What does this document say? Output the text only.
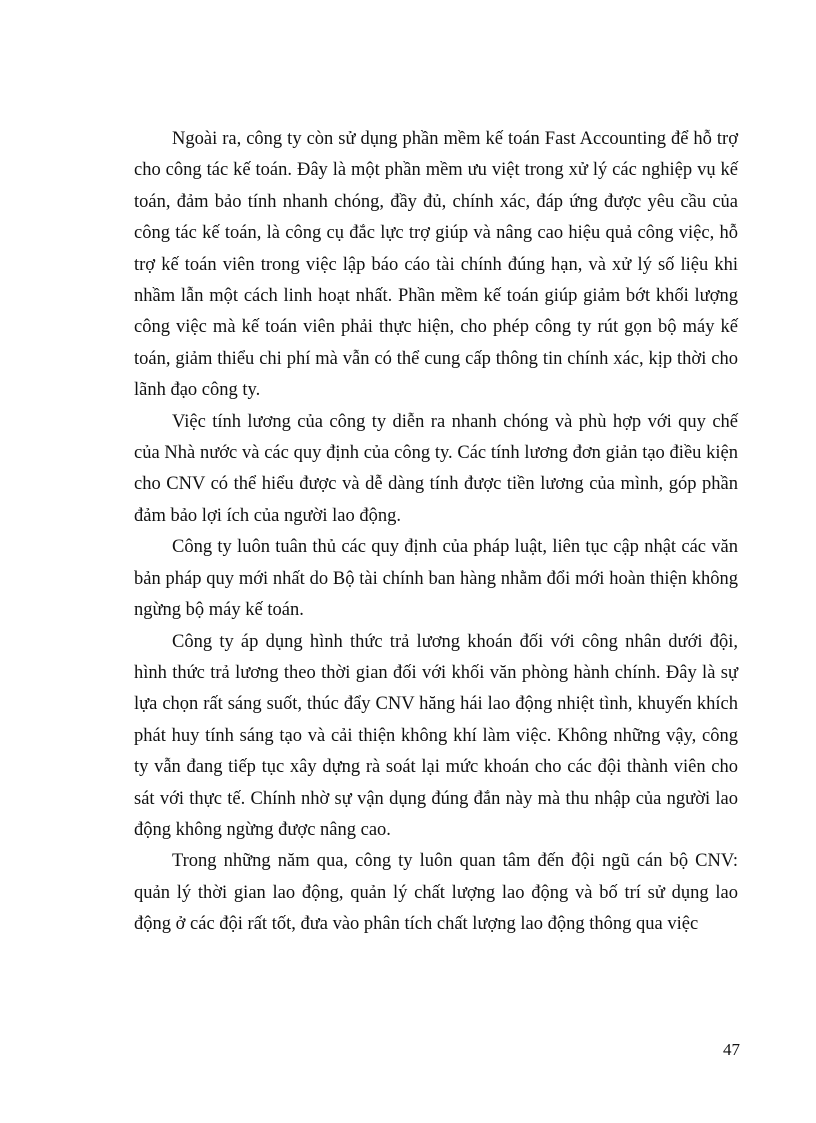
Ngoài ra, công ty còn sử dụng phần mềm kế toán Fast Accounting để hỗ trợ cho công tác kế toán. Đây là một phần mềm ưu việt trong xử lý các nghiệp vụ kế toán, đảm bảo tính nhanh chóng, đầy đủ, chính xác, đáp ứng được yêu cầu của công tác kế toán, là công cụ đắc lực trợ giúp và nâng cao hiệu quả công việc, hỗ trợ kế toán viên trong việc lập báo cáo tài chính đúng hạn, và xử lý số liệu khi nhầm lẫn một cách linh hoạt nhất. Phần mềm kế toán giúp giảm bớt khối lượng công việc mà kế toán viên phải thực hiện, cho phép công ty rút gọn bộ máy kế toán, giảm thiểu chi phí mà vẫn có thể cung cấp thông tin chính xác, kịp thời cho lãnh đạo công ty.

Việc tính lương của công ty diễn ra nhanh chóng và phù hợp với quy chế của Nhà nước và các quy định của công ty. Các tính lương đơn giản tạo điều kiện cho CNV có thể hiểu được và dễ dàng tính được tiền lương của mình, góp phần đảm bảo lợi ích của người lao động.

Công ty luôn tuân thủ các quy định của pháp luật, liên tục cập nhật các văn bản pháp quy mới nhất do Bộ tài chính ban hàng nhằm đổi mới hoàn thiện không ngừng bộ máy kế toán.

Công ty áp dụng hình thức trả lương khoán đối với công nhân dưới đội, hình thức trả lương theo thời gian đối với khối văn phòng hành chính. Đây là sự lựa chọn rất sáng suốt, thúc đẩy CNV hăng hái lao động nhiệt tình, khuyến khích phát huy tính sáng tạo và cải thiện không khí làm việc. Không những vậy, công ty vẫn đang tiếp tục xây dựng rà soát lại mức khoán cho các đội thành viên cho sát với thực tế. Chính nhờ sự vận dụng đúng đắn này mà thu nhập của người lao động không ngừng được nâng cao.

Trong những năm qua, công ty luôn quan tâm đến đội ngũ cán bộ CNV: quản lý thời gian lao động, quản lý chất lượng lao động và bố trí sử dụng lao động ở các đội rất tốt, đưa vào phân tích chất lượng lao động thông qua việc

47
